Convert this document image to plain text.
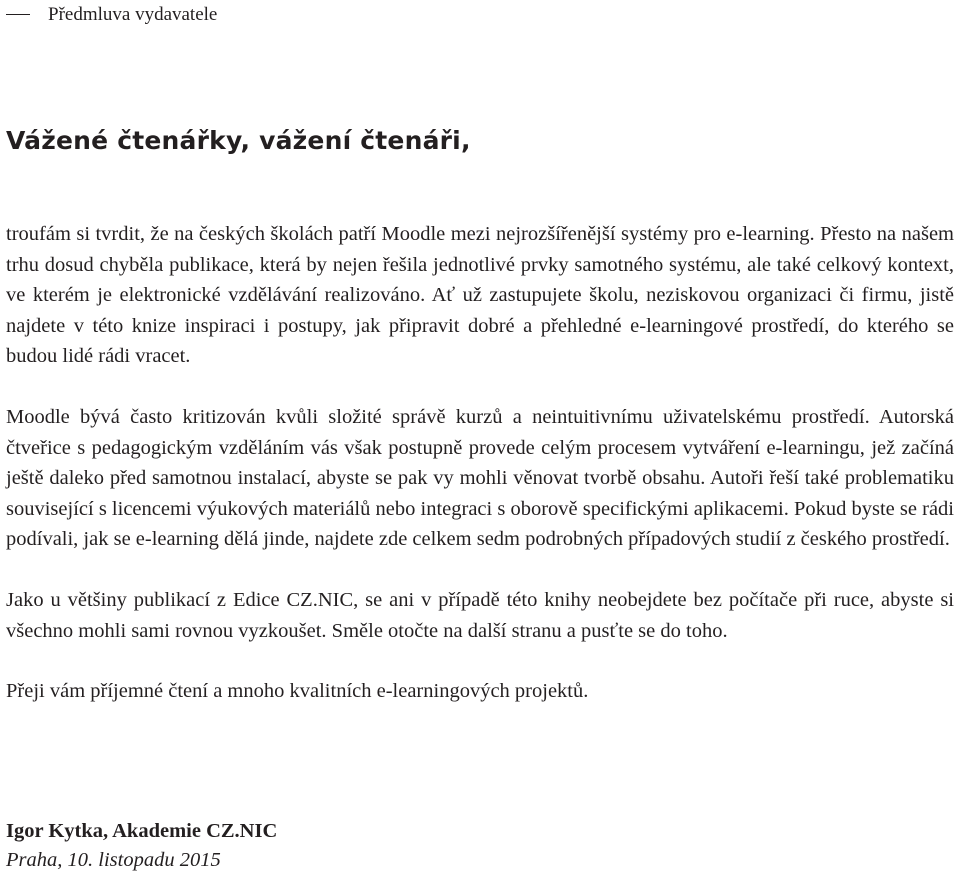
Předmluva vydavatele
Vážené čtenářky, vážení čtenáři,

troufám si tvrdit, že na českých školách patří Moodle mezi nejrozšířenější systémy pro e-learning. Přesto na našem trhu dosud chyběla publikace, která by nejen řešila jednotlivé prvky samotného systému, ale také celkový kontext, ve kterém je elektronické vzdělávání realizováno. Ať už zastupujete školu, neziskovou organizaci či firmu, jistě najdete v této knize inspiraci i postupy, jak připravit dobré a přehledné e-learningové prostředí, do kterého se budou lidé rádi vracet.

Moodle bývá často kritizován kvůli složité správě kurzů a neintuitivnímu uživatelskému prostředí. Autorská čtveřice s pedagogickým vzděláním vás však postupně provede celým procesem vytváření e-learningu, jež začíná ještě daleko před samotnou instalací, abyste se pak vy mohli věnovat tvorbě obsahu. Autoři řeší také problematiku související s licencemi výukových materiálů nebo integraci s oborově specifickými aplikacemi. Pokud byste se rádi podívali, jak se e-learning dělá jinde, najdete zde celkem sedm podrobných případových studií z českého prostředí.

Jako u většiny publikací z Edice CZ.NIC, se ani v případě této knihy neobejdete bez počítače při ruce, abyste si všechno mohli sami rovnou vyzkoušet. Směle otočte na další stranu a pusťte se do toho.

Přeji vám příjemné čtení a mnoho kvalitních e-learningových projektů.

Igor Kytka, Akademie CZ.NIC
Praha, 10. listopadu 2015
